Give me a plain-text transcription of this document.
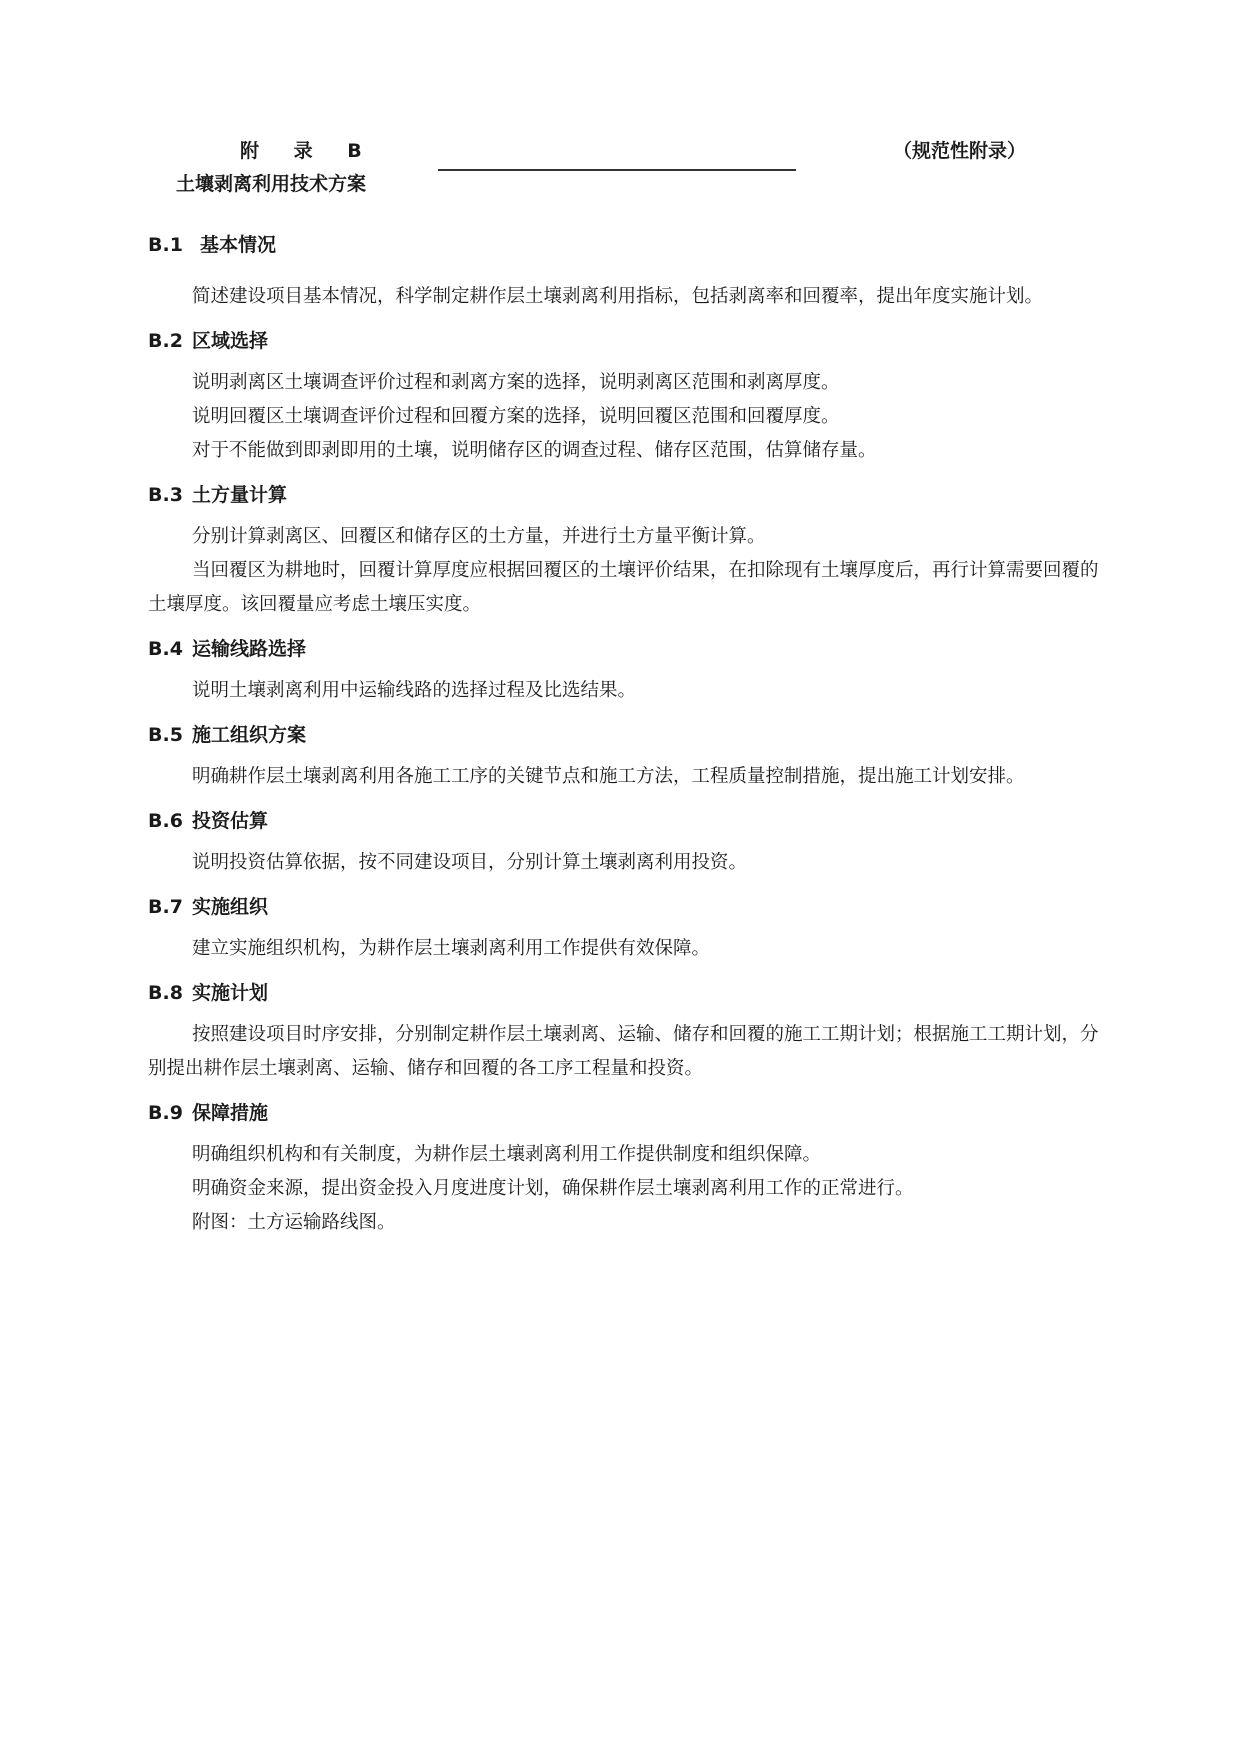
附 录 B	（规范性附录）
土壤剥离利用技术方案
B.1 基本情况

简述建设项目基本情况，科学制定耕作层土壤剥离利用指标，包括剥离率和回覆率，提出年度实施计划。

B.2 区域选择

说明剥离区土壤调查评价过程和剥离方案的选择，说明剥离区范围和剥离厚度。

说明回覆区土壤调查评价过程和回覆方案的选择，说明回覆区范围和回覆厚度。

对于不能做到即剥即用的土壤，说明储存区的调查过程、储存区范围，估算储存量。

B.3 土方量计算

分别计算剥离区、回覆区和储存区的土方量，并进行土方量平衡计算。

当回覆区为耕地时，回覆计算厚度应根据回覆区的土壤评价结果，在扣除现有土壤厚度后，再行计算需要回覆的土壤厚度。该回覆量应考虑土壤压实度。

B.4 运输线路选择

说明土壤剥离利用中运输线路的选择过程及比选结果。

B.5 施工组织方案

明确耕作层土壤剥离利用各施工工序的关键节点和施工方法，工程质量控制措施，提出施工计划安排。

B.6 投资估算

说明投资估算依据，按不同建设项目，分别计算土壤剥离利用投资。

B.7 实施组织

建立实施组织机构，为耕作层土壤剥离利用工作提供有效保障。

B.8 实施计划

按照建设项目时序安排，分别制定耕作层土壤剥离、运输、储存和回覆的施工工期计划；根据施工工期计划，分别提出耕作层土壤剥离、运输、储存和回覆的各工序工程量和投资。

B.9 保障措施

明确组织机构和有关制度，为耕作层土壤剥离利用工作提供制度和组织保障。

明确资金来源，提出资金投入月度进度计划，确保耕作层土壤剥离利用工作的正常进行。

附图：土方运输路线图。
